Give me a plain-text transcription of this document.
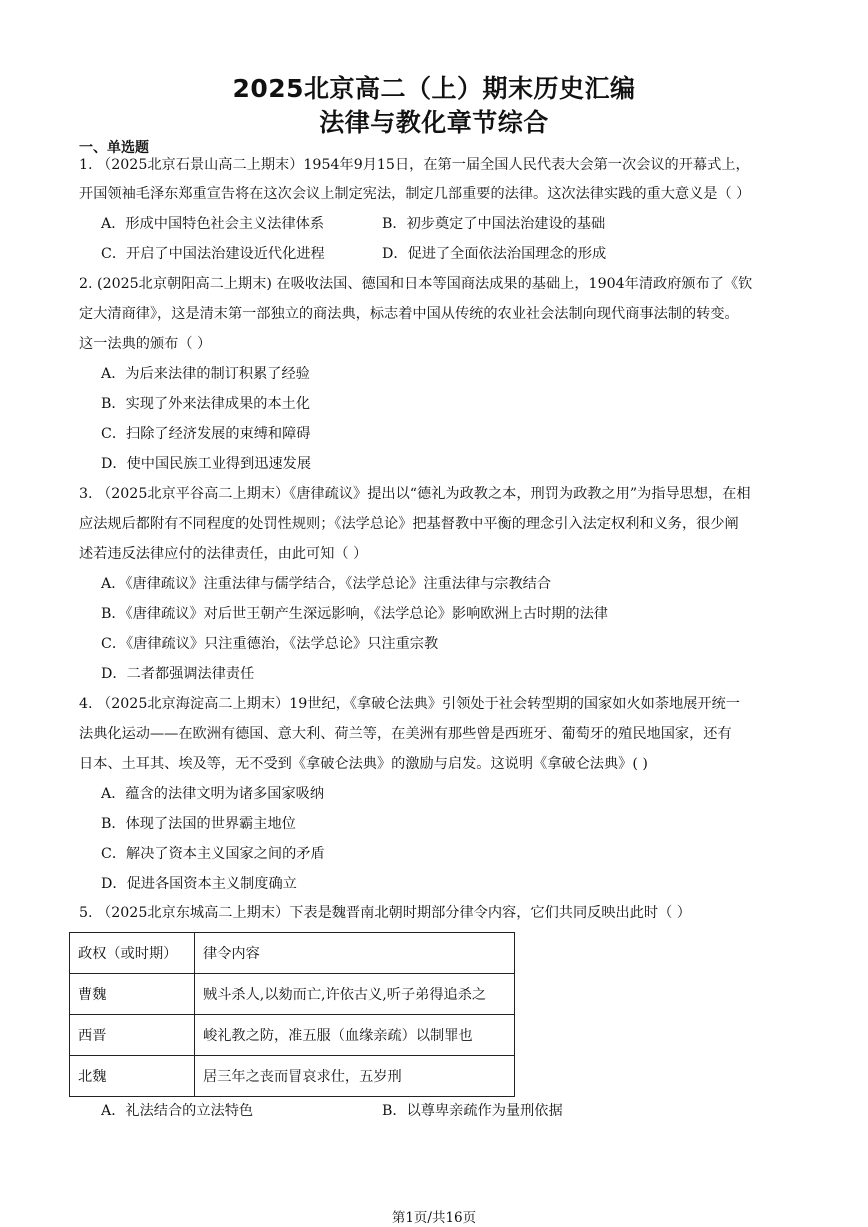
2025北京高二（上）期末历史汇编
法律与教化章节综合
一、单选题
1. （2025北京石景山高二上期末）1954年9月15日，在第一届全国人民代表大会第一次会议的开幕式上，
开国领袖毛泽东郑重宣告将在这次会议上制定宪法，制定几部重要的法律。这次法律实践的重大意义是（ ）
A．形成中国特色社会主义法律体系	B．初步奠定了中国法治建设的基础
C．开启了中国法治建设近代化进程	D．促进了全面依法治国理念的形成
2. (2025北京朝阳高二上期末) 在吸收法国、德国和日本等国商法成果的基础上，1904年清政府颁布了《钦
定大清商律》，这是清末第一部独立的商法典，标志着中国从传统的农业社会法制向现代商事法制的转变。
这一法典的颁布（ ）
A．为后来法律的制订积累了经验
B．实现了外来法律成果的本土化
C．扫除了经济发展的束缚和障碍
D．使中国民族工业得到迅速发展
3. （2025北京平谷高二上期末）《唐律疏议》提出以“德礼为政教之本，刑罚为政教之用”为指导思想，在相
应法规后都附有不同程度的处罚性规则；《法学总论》把基督教中平衡的理念引入法定权利和义务，很少阐
述若违反法律应付的法律责任，由此可知（ ）
A．《唐律疏议》注重法律与儒学结合，《法学总论》注重法律与宗教结合
B．《唐律疏议》对后世王朝产生深远影响，《法学总论》影响欧洲上古时期的法律
C．《唐律疏议》只注重德治，《法学总论》只注重宗教
D．二者都强调法律责任
4. （2025北京海淀高二上期末）19世纪，《拿破仑法典》引领处于社会转型期的国家如火如荼地展开统一
法典化运动——在欧洲有德国、意大利、荷兰等，在美洲有那些曾是西班牙、葡萄牙的殖民地国家，还有
日本、土耳其、埃及等，无不受到《拿破仑法典》的激励与启发。这说明《拿破仑法典》( )
A．蕴含的法律文明为诸多国家吸纳
B．体现了法国的世界霸主地位
C．解决了资本主义国家之间的矛盾
D．促进各国资本主义制度确立
5. （2025北京东城高二上期末）下表是魏晋南北朝时期部分律令内容，它们共同反映出此时（ ）
政权（或时期）	律令内容
曹魏	贼斗杀人,以劾而亡,许依古义,听子弟得追杀之
西晋	峻礼教之防，准五服（血缘亲疏）以制罪也
北魏	居三年之丧而冒哀求仕，五岁刑
A．礼法结合的立法特色	B．以尊卑亲疏作为量刑依据
第1页/共16页
